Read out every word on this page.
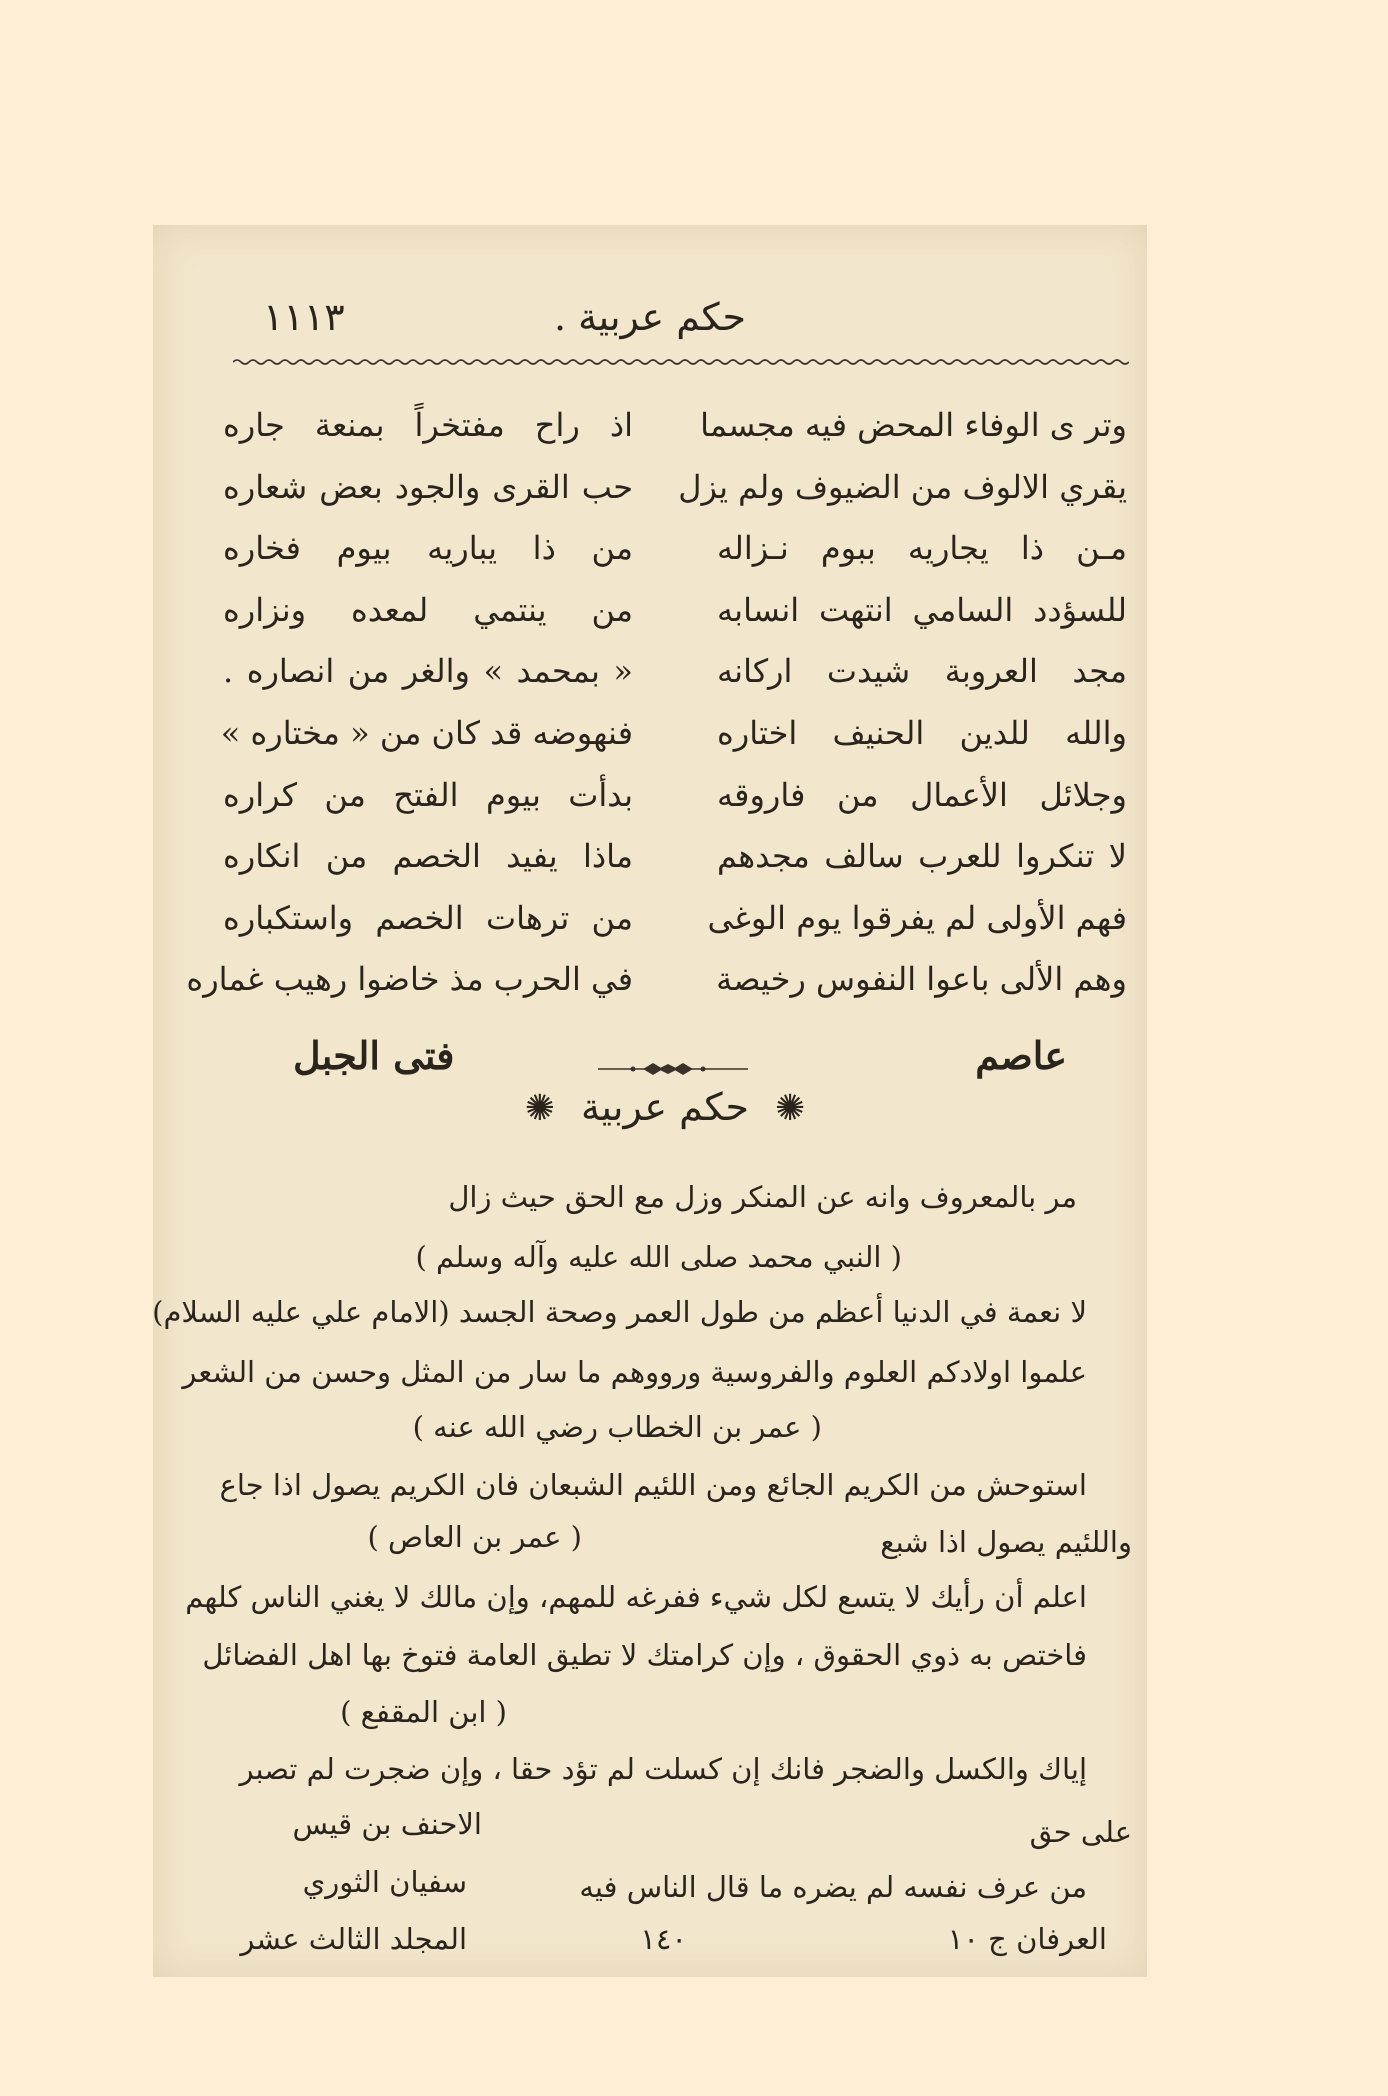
حكم عربية .
١١١٣
وتر ی الوفاء المحض فيه مجسما
يقري الالوف من الضيوف ولم يزل
مـن ذا يجاريه ببوم نـزاله
للسؤدد السامي انتهت انسابه
مجد العروبة شيدت اركانه
والله للدين الحنيف اختاره
وجلائل الأعمال من فاروقه
لا تنكروا للعرب سالف مجدهم
فهم الأولى لم يفرقوا يوم الوغى
وهم الألى باعوا النفوس رخيصة
اذ راح مفتخراً بمنعة جاره
حب القرى والجود بعض شعاره
من ذا يباريه بيوم فخاره
من ينتمي لمعده ونزاره
« بمحمد » والغر من انصاره .
فنهوضه قد كان من « مختاره »
بدأت بيوم الفتح من كراره
ماذا يفيد الخصم من انكاره
من ترهات الخصم واستكباره
في الحرب مذ خاضوا رهيب غماره
عاصم
فتى الجبل
✺ حكم عربية ✺
مر بالمعروف وانه عن المنكر وزل مع الحق حيث زال
( النبي محمد صلى الله عليه وآله وسلم )
لا نعمة في الدنيا أعظم من طول العمر وصحة الجسد (الامام علي عليه السلام)
علموا اولادكم العلوم والفروسية ورووهم ما سار من المثل وحسن من الشعر
( عمر بن الخطاب رضي الله عنه )
استوحش من الكريم الجائع ومن اللئيم الشبعان فان الكريم يصول اذا جاع
واللئيم يصول اذا شبع
( عمر بن العاص )
اعلم أن رأيك لا يتسع لكل شيء ففرغه للمهم، وإن مالك لا يغني الناس كلهم
فاختص به ذوي الحقوق ، وإن كرامتك لا تطيق العامة فتوخ بها اهل الفضائل
( ابن المقفع )
إياك والكسل والضجر فانك إن كسلت لم تؤد حقا ، وإن ضجرت لم تصبر
الاحنف بن قيس	على حق
من عرف نفسه لم يضره ما قال الناس فيه
سفيان الثوري
العرفان ج ١٠
١٤٠
المجلد الثالث عشر
